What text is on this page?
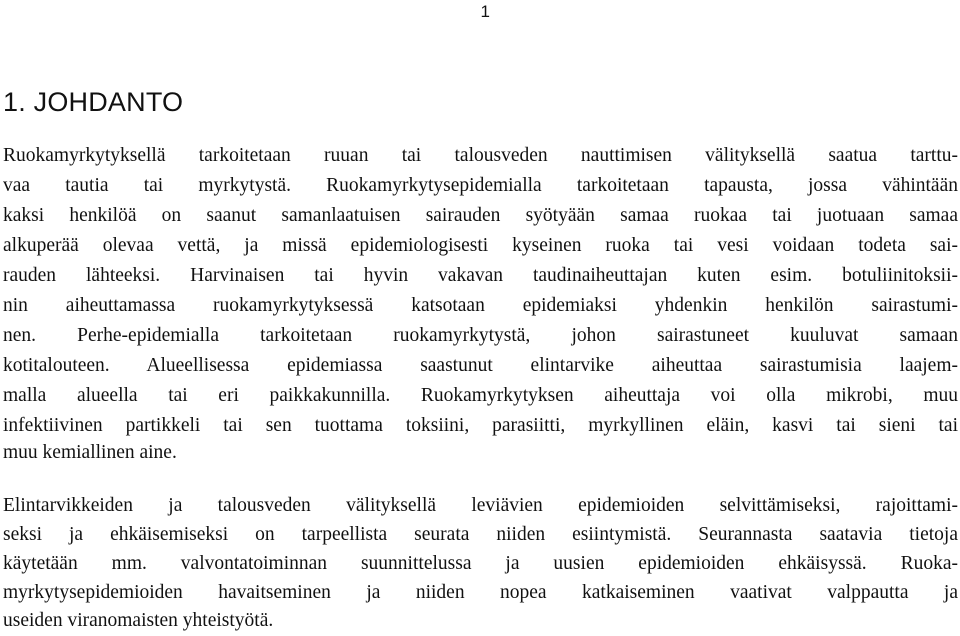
1
1. JOHDANTO
Ruokamyrkytyksellä tarkoitetaan ruuan tai talousveden nauttimisen välityksellä saatua tarttu-
vaa tautia tai myrkytystä. Ruokamyrkytysepidemialla tarkoitetaan tapausta, jossa vähintään
kaksi henkilöä on saanut samanlaatuisen sairauden syötyään samaa ruokaa tai juotuaan samaa
alkuperää olevaa vettä, ja missä epidemiologisesti kyseinen ruoka tai vesi voidaan todeta sai-
rauden lähteeksi. Harvinaisen tai hyvin vakavan taudinaiheuttajan kuten esim. botuliinitoksii-
nin aiheuttamassa ruokamyrkytyksessä katsotaan epidemiaksi yhdenkin henkilön sairastumi-
nen. Perhe-epidemialla tarkoitetaan ruokamyrkytystä, johon sairastuneet kuuluvat samaan
kotitalouteen. Alueellisessa epidemiassa saastunut elintarvike aiheuttaa sairastumisia laajem-
malla alueella tai eri paikkakunnilla. Ruokamyrkytyksen aiheuttaja voi olla mikrobi, muu
infektiivinen partikkeli tai sen tuottama toksiini, parasiitti, myrkyllinen eläin, kasvi tai sieni tai
muu kemiallinen aine.
Elintarvikkeiden ja talousveden välityksellä leviävien epidemioiden selvittämiseksi, rajoittami-
seksi ja ehkäisemiseksi on tarpeellista seurata niiden esiintymistä. Seurannasta saatavia tietoja
käytetään mm. valvontatoiminnan suunnittelussa ja uusien epidemioiden ehkäisyssä. Ruoka-
myrkytysepidemioiden havaitseminen ja niiden nopea katkaiseminen vaativat valppautta ja
useiden viranomaisten yhteistyötä.
